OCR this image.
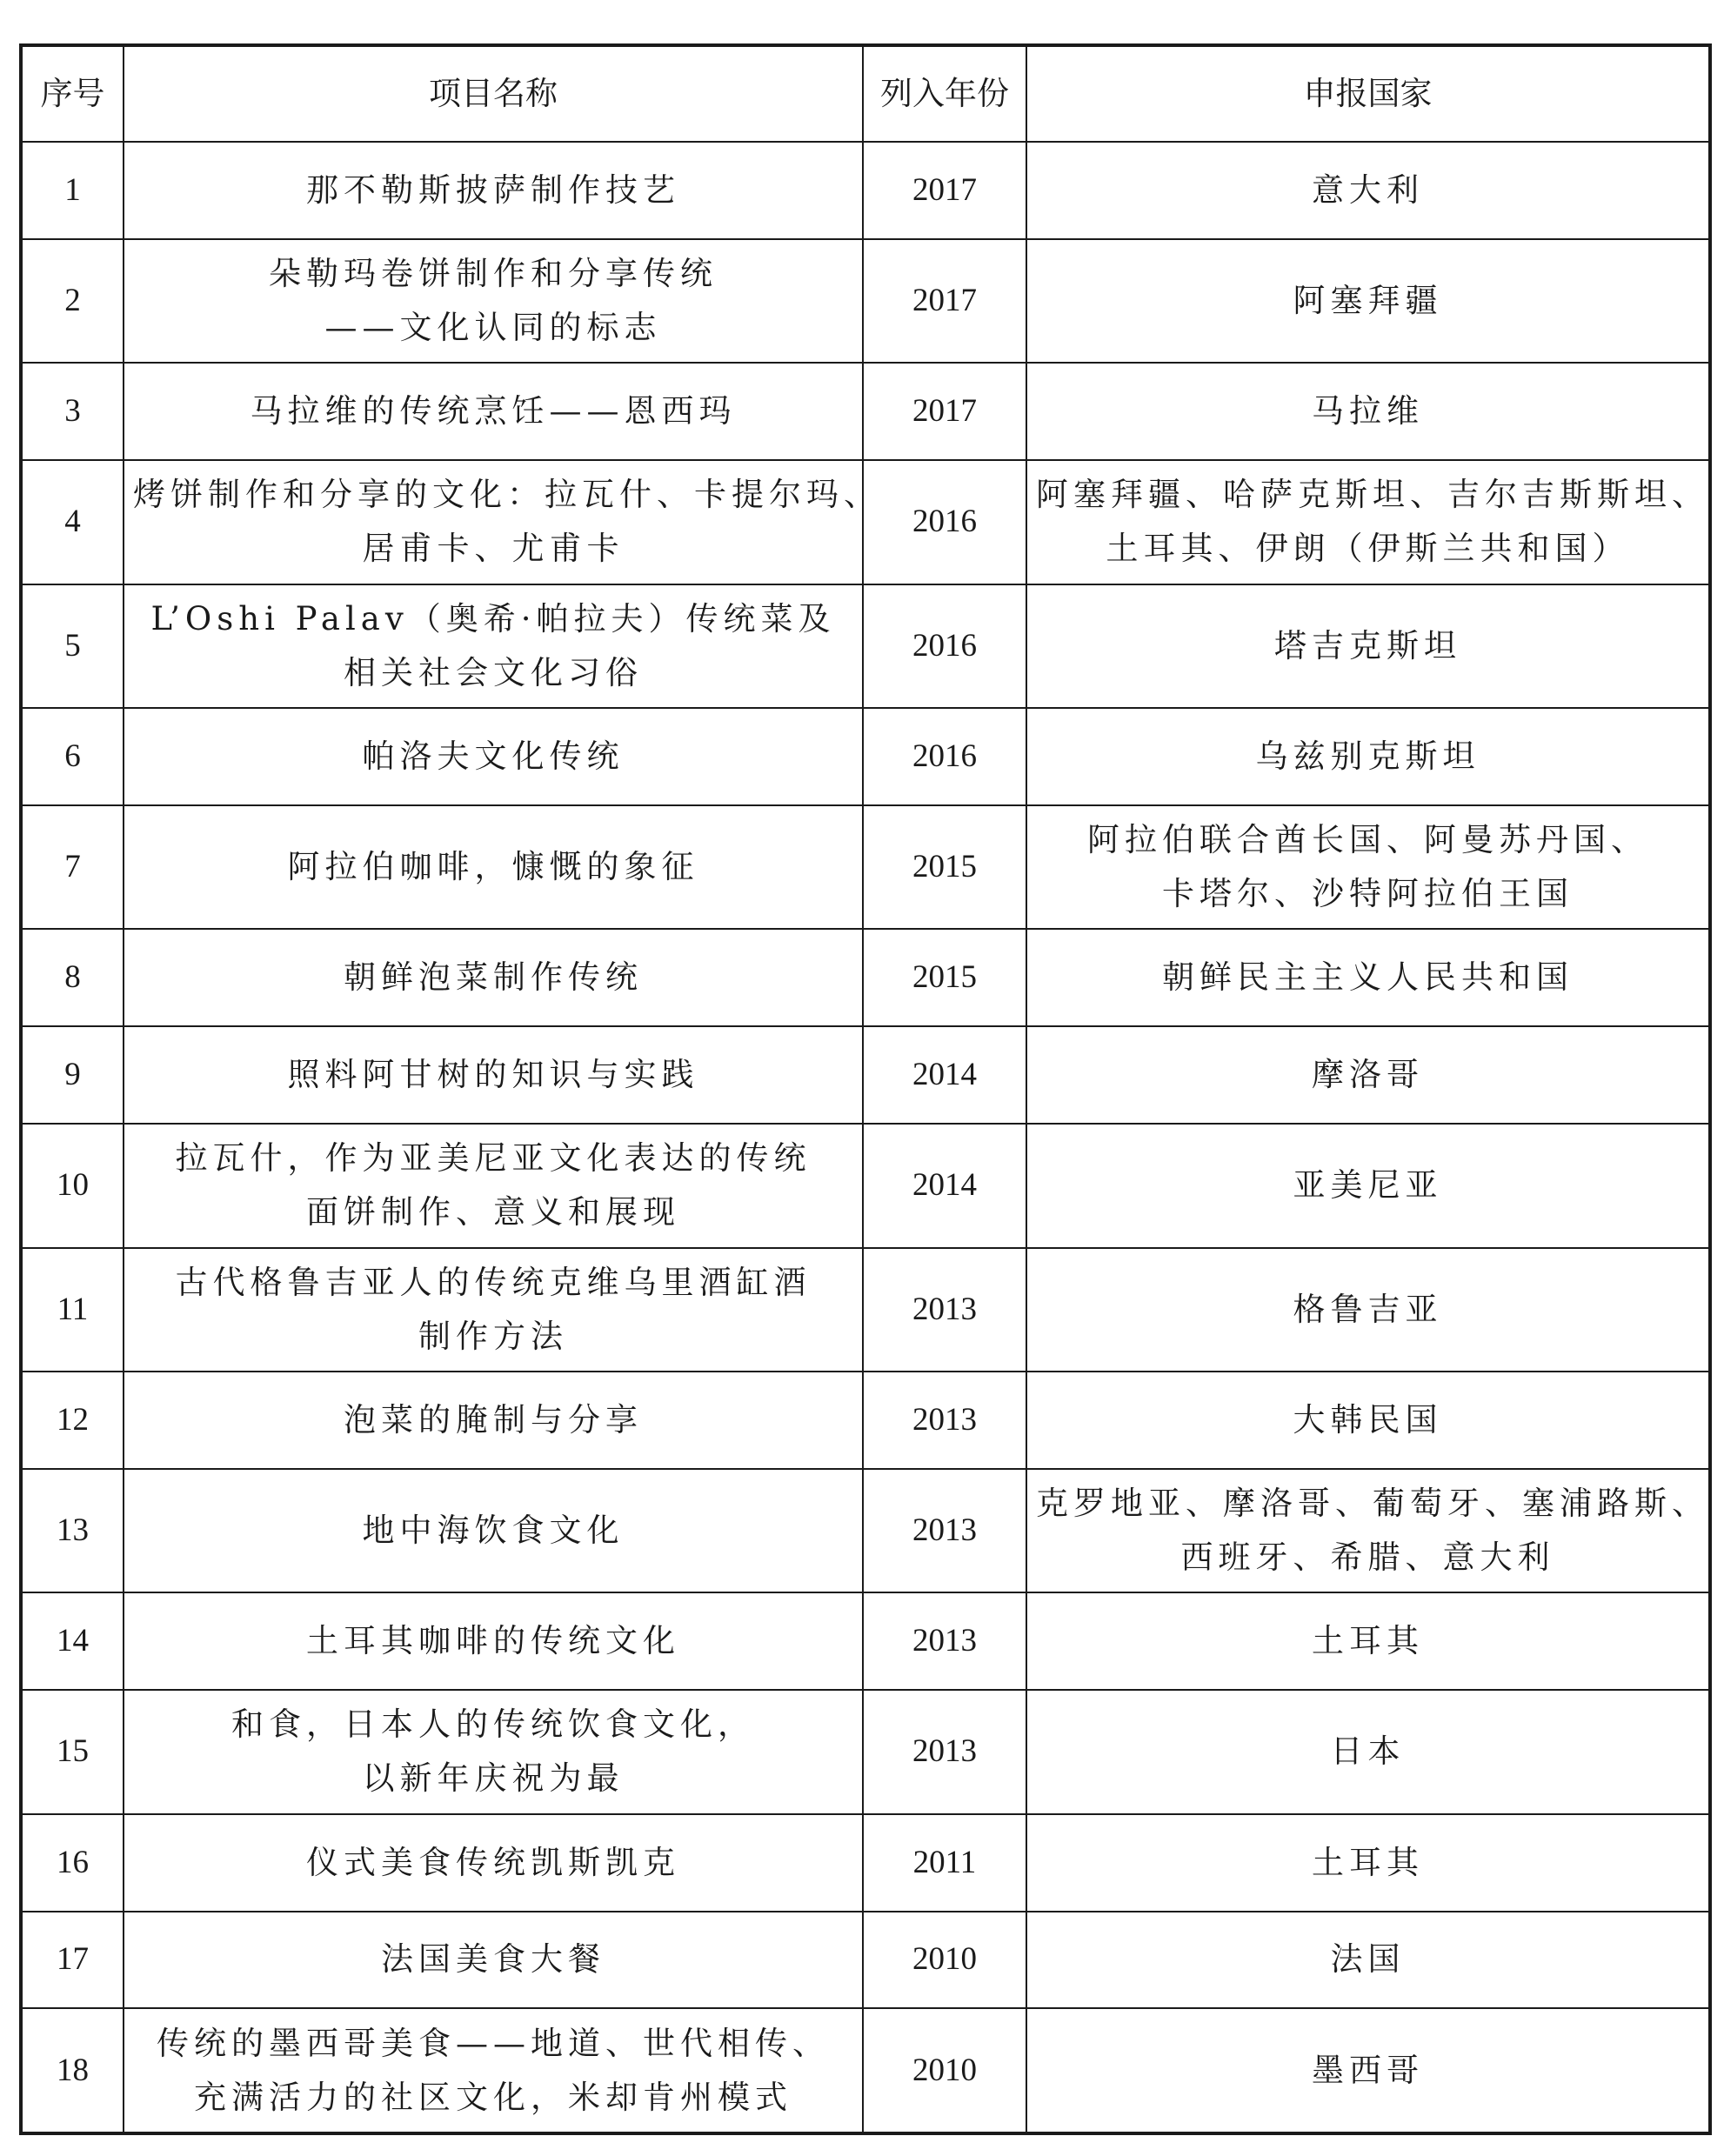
序号	项目名称	列入年份	申报国家
1	那不勒斯披萨制作技艺	2017	意大利

2	朵勒玛卷饼制作和分享传统
——文化认同的标志	2017	阿塞拜疆

3	马拉维的传统烹饪——恩西玛	2017	马拉维

4	烤饼制作和分享的文化：拉瓦什、卡提尔玛、
居甫卡、尤甫卡	2016	阿塞拜疆、哈萨克斯坦、吉尔吉斯斯坦、
土耳其、伊朗（伊斯兰共和国）

5	L’Oshi Palav（奥希·帕拉夫）传统菜及
相关社会文化习俗	2016	塔吉克斯坦

6	帕洛夫文化传统	2016	乌兹别克斯坦

7	阿拉伯咖啡，慷慨的象征	2015	阿拉伯联合酋长国、阿曼苏丹国、
卡塔尔、沙特阿拉伯王国

8	朝鲜泡菜制作传统	2015	朝鲜民主主义人民共和国

9	照料阿甘树的知识与实践	2014	摩洛哥

10	拉瓦什，作为亚美尼亚文化表达的传统
面饼制作、意义和展现	2014	亚美尼亚

11	古代格鲁吉亚人的传统克维乌里酒缸酒
制作方法	2013	格鲁吉亚

12	泡菜的腌制与分享	2013	大韩民国

13	地中海饮食文化	2013	克罗地亚、摩洛哥、葡萄牙、塞浦路斯、
西班牙、希腊、意大利

14	土耳其咖啡的传统文化	2013	土耳其

15	和食，日本人的传统饮食文化，
以新年庆祝为最	2013	日本

16	仪式美食传统凯斯凯克	2011	土耳其

17	法国美食大餐	2010	法国

18	传统的墨西哥美食——地道、世代相传、
充满活力的社区文化，米却肯州模式	2010	墨西哥
